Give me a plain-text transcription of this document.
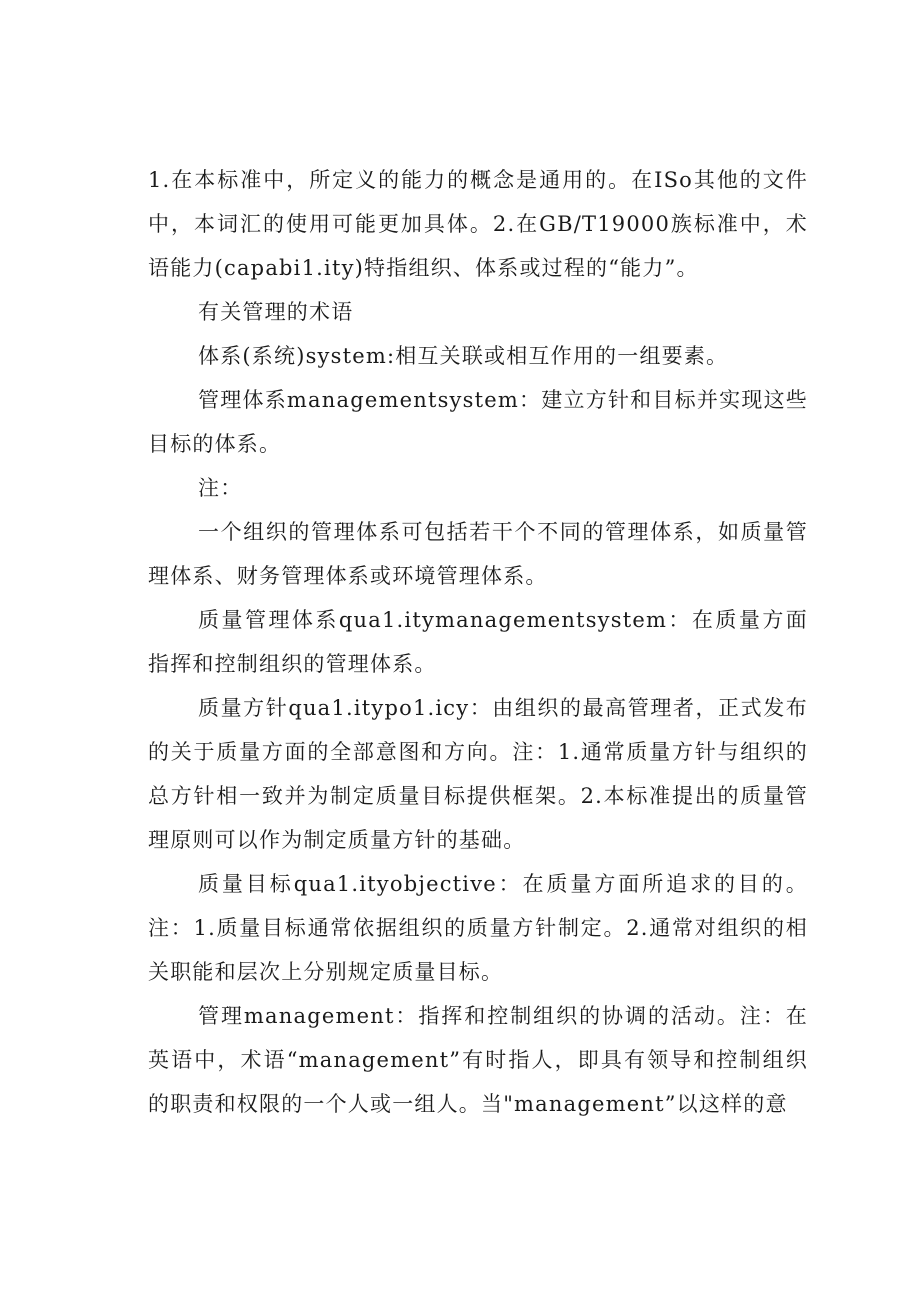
1.在本标准中，所定义的能力的概念是通用的。在ISo其他的文件中，本词汇的使用可能更加具体。2.在GB/T19000族标准中，术语能力(capabi1.ity)特指组织、体系或过程的“能力”。

有关管理的术语

体系(系统)system:相互关联或相互作用的一组要素。

管理体系managementsystem：建立方针和目标并实现这些目标的体系。

注：

一个组织的管理体系可包括若干个不同的管理体系，如质量管理体系、财务管理体系或环境管理体系。

质量管理体系qua1.itymanagementsystem：在质量方面指挥和控制组织的管理体系。

质量方针qua1.itypo1.icy：由组织的最高管理者，正式发布的关于质量方面的全部意图和方向。注：1.通常质量方针与组织的总方针相一致并为制定质量目标提供框架。2.本标准提出的质量管理原则可以作为制定质量方针的基础。

质量目标qua1.ityobjective：在质量方面所追求的目的。注：1.质量目标通常依据组织的质量方针制定。2.通常对组织的相关职能和层次上分别规定质量目标。

管理management：指挥和控制组织的协调的活动。注：在英语中，术语“management”有时指人，即具有领导和控制组织的职责和权限的一个人或一组人。当"management”以这样的意
